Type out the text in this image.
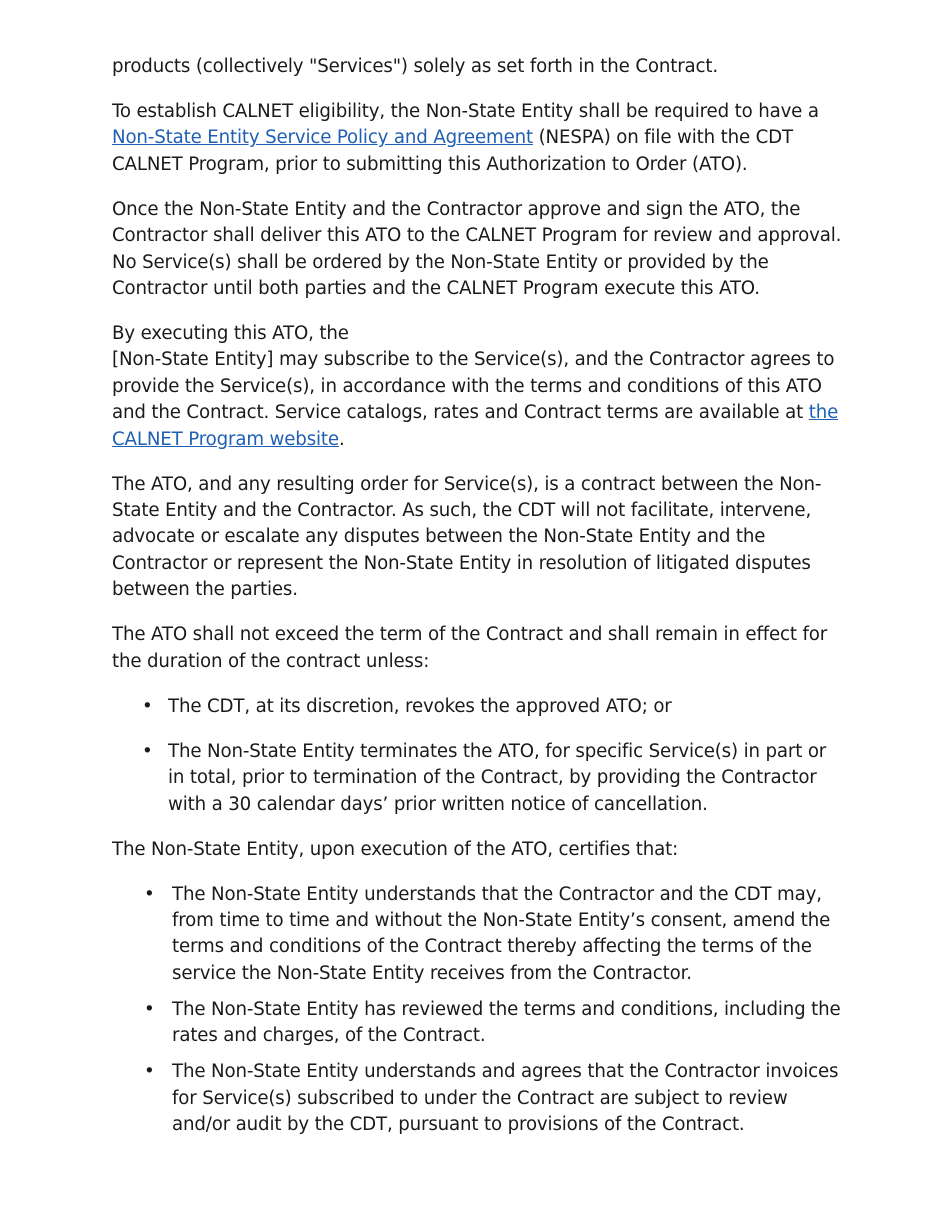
products (collectively "Services") solely as set forth in the Contract.

To establish CALNET eligibility, the Non-State Entity shall be required to have a Non-State Entity Service Policy and Agreement (NESPA) on file with the CDT CALNET Program, prior to submitting this Authorization to Order (ATO).

Once the Non-State Entity and the Contractor approve and sign the ATO, the Contractor shall deliver this ATO to the CALNET Program for review and approval. No Service(s) shall be ordered by the Non-State Entity or provided by the Contractor until both parties and the CALNET Program execute this ATO.

By executing this ATO, the
[Non-State Entity] may subscribe to the Service(s), and the Contractor agrees to provide the Service(s), in accordance with the terms and conditions of this ATO and the Contract. Service catalogs, rates and Contract terms are available at the CALNET Program website.

The ATO, and any resulting order for Service(s), is a contract between the Non-State Entity and the Contractor. As such, the CDT will not facilitate, intervene, advocate or escalate any disputes between the Non-State Entity and the Contractor or represent the Non-State Entity in resolution of litigated disputes between the parties.

The ATO shall not exceed the term of the Contract and shall remain in effect for the duration of the contract unless:

• The CDT, at its discretion, revokes the approved ATO; or
• The Non-State Entity terminates the ATO, for specific Service(s) in part or in total, prior to termination of the Contract, by providing the Contractor with a 30 calendar days’ prior written notice of cancellation.

The Non-State Entity, upon execution of the ATO, certifies that:

• The Non-State Entity understands that the Contractor and the CDT may, from time to time and without the Non-State Entity’s consent, amend the terms and conditions of the Contract thereby affecting the terms of the service the Non-State Entity receives from the Contractor.
• The Non-State Entity has reviewed the terms and conditions, including the rates and charges, of the Contract.
• The Non-State Entity understands and agrees that the Contractor invoices for Service(s) subscribed to under the Contract are subject to review and/or audit by the CDT, pursuant to provisions of the Contract.
